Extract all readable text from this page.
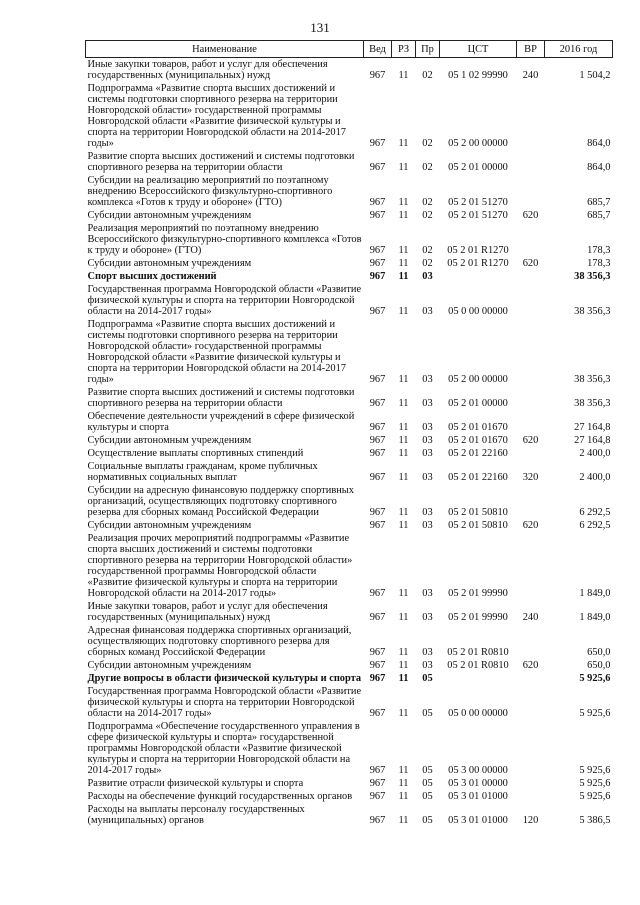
131
Наименование	Вед	РЗ	Пр	ЦСТ	ВР	2016 год
Иные закупки товаров, работ и услуг для обеспечения государственных (муниципальных) нужд	967	11	02	05 1 02 99990	240	1 504,2
Подпрограмма «Развитие спорта высших достижений и системы подготовки спортивного резерва на территории Новгородской области» государственной программы Новгородской области «Развитие физической культуры и спорта на территории Новгородской области на 2014-2017 годы»	967	11	02	05 2 00 00000		864,0
Развитие спорта высших достижений и системы подготовки спортивного резерва на территории области	967	11	02	05 2 01 00000		864,0
Субсидии на реализацию мероприятий по поэтапному внедрению Всероссийского физкультурно-спортивного комплекса «Готов к труду и обороне» (ГТО)	967	11	02	05 2 01 51270		685,7
Субсидии автономным учреждениям	967	11	02	05 2 01 51270	620	685,7
Реализация мероприятий по поэтапному внедрению Всероссийского физкультурно-спортивного комплекса «Готов к труду и обороне» (ГТО)	967	11	02	05 2 01 R1270		178,3
Субсидии автономным учреждениям	967	11	02	05 2 01 R1270	620	178,3
Спорт высших достижений	967	11	03			38 356,3
Государственная программа Новгородской области «Развитие физической культуры и спорта на территории Новгородской области на 2014-2017 годы»	967	11	03	05 0 00 00000		38 356,3
Подпрограмма «Развитие спорта высших достижений и системы подготовки спортивного резерва на территории Новгородской области» государственной программы Новгородской области «Развитие физической культуры и спорта на территории Новгородской области на 2014-2017 годы»	967	11	03	05 2 00 00000		38 356,3
Развитие спорта высших достижений и системы подготовки спортивного резерва на территории области	967	11	03	05 2 01 00000		38 356,3
Обеспечение деятельности учреждений в сфере физической культуры и спорта	967	11	03	05 2 01 01670		27 164,8
Субсидии автономным учреждениям	967	11	03	05 2 01 01670	620	27 164,8
Осуществление выплаты спортивных стипендий	967	11	03	05 2 01 22160		2 400,0
Социальные выплаты гражданам, кроме публичных нормативных социальных выплат	967	11	03	05 2 01 22160	320	2 400,0
Субсидии на адресную финансовую поддержку спортивных организаций, осуществляющих подготовку спортивного резерва для сборных команд Российской Федерации	967	11	03	05 2 01 50810		6 292,5
Субсидии автономным учреждениям	967	11	03	05 2 01 50810	620	6 292,5
Реализация прочих мероприятий подпрограммы «Развитие спорта высших достижений и системы подготовки спортивного резерва на территории Новгородской области» государственной программы Новгородской области «Развитие физической культуры и спорта на территории Новгородской области на 2014-2017 годы»	967	11	03	05 2 01 99990		1 849,0
Иные закупки товаров, работ и услуг для обеспечения государственных (муниципальных) нужд	967	11	03	05 2 01 99990	240	1 849,0
Адресная финансовая поддержка спортивных организаций, осуществляющих подготовку спортивного резерва для сборных команд Российской Федерации	967	11	03	05 2 01 R0810		650,0
Субсидии автономным учреждениям	967	11	03	05 2 01 R0810	620	650,0
Другие вопросы в области физической культуры и спорта	967	11	05			5 925,6
Государственная программа Новгородской области «Развитие физической культуры и спорта на территории Новгородской области на 2014-2017 годы»	967	11	05	05 0 00 00000		5 925,6
Подпрограмма «Обеспечение государственного управления в сфере физической культуры и спорта» государственной программы Новгородской области «Развитие физической культуры и спорта на территории Новгородской области на 2014-2017 годы»	967	11	05	05 3 00 00000		5 925,6
Развитие отрасли физической культуры и спорта	967	11	05	05 3 01 00000		5 925,6
Расходы на обеспечение функций государственных органов	967	11	05	05 3 01 01000		5 925,6
Расходы на выплаты персоналу государственных (муниципальных) органов	967	11	05	05 3 01 01000	120	5 386,5
